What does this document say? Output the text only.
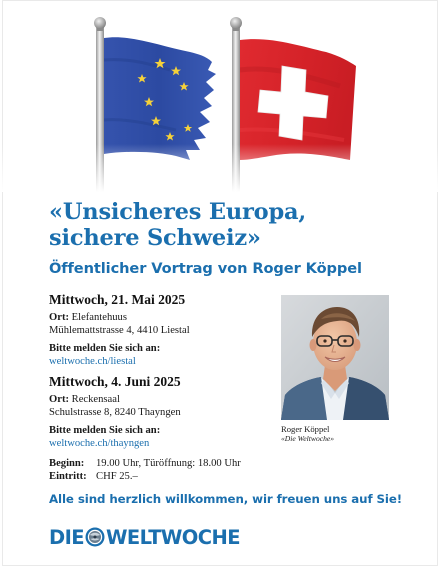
«Unsicheres Europa,
sichere Schweiz»
Öffentlicher Vortrag von Roger Köppel
Mittwoch, 21. Mai 2025
Ort: Elefantehuus
Mühlemattstrasse 4, 4410 Liestal
Bitte melden Sie sich an:
weltwoche.ch/liestal
Mittwoch, 4. Juni 2025
Ort: Reckensaal
Schulstrasse 8, 8240 Thayngen
Bitte melden Sie sich an:
weltwoche.ch/thayngen
Roger Köppel
«Die Weltwoche»
Beginn:	19.00 Uhr, Türöffnung: 18.00 Uhr
Eintritt: CHF 25.–
Alle sind herzlich willkommen, wir freuen uns auf Sie!
DIE WELTWOCHE
